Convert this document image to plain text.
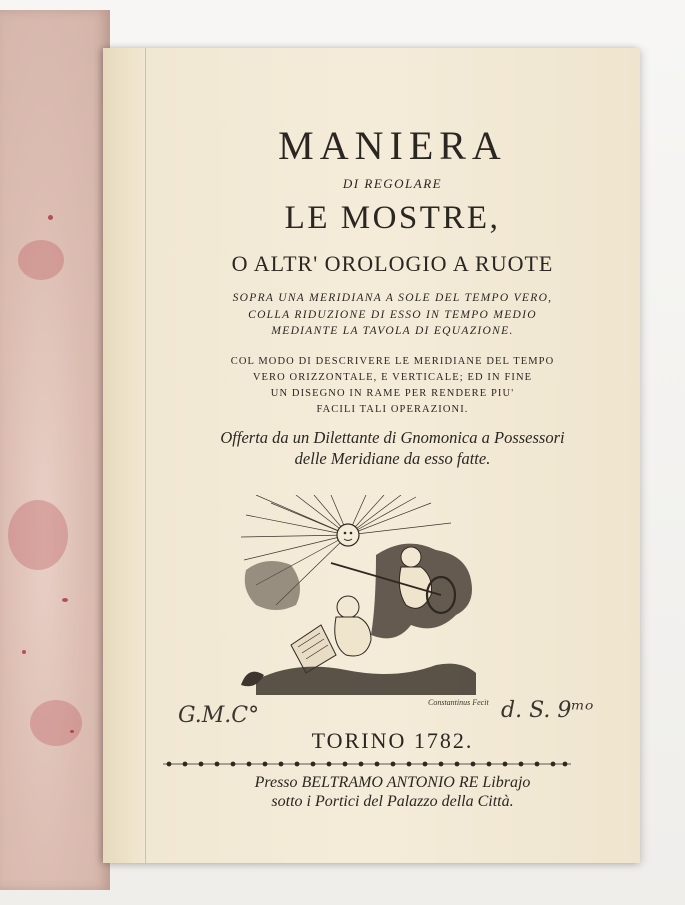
MANIERA
DI REGOLARE
LE MOSTRE,
O ALTR' OROLOGIO A RUOTE
SOPRA UNA MERIDIANA A SOLE DEL TEMPO VERO,
COLLA RIDUZIONE DI ESSO IN TEMPO MEDIO
MEDIANTE LA TAVOLA DI EQUAZIONE.
COL MODO DI DESCRIVERE LE MERIDIANE DEL TEMPO
VERO ORIZZONTALE, E VERTICALE; ED IN FINE
UN DISEGNO IN RAME PER RENDERE PIU'
FACILI TALI OPERAZIONI.
Offerta da un Dilettante di Gnomonica a Possessori
delle Meridiane da esso fatte.
Constantinus Fecit
G.M.C°	d. S. 9ᵐᵒ
TORINO 1782.
Presso BELTRAMO ANTONIO RE Librajo
sotto i Portici del Palazzo della Città.
